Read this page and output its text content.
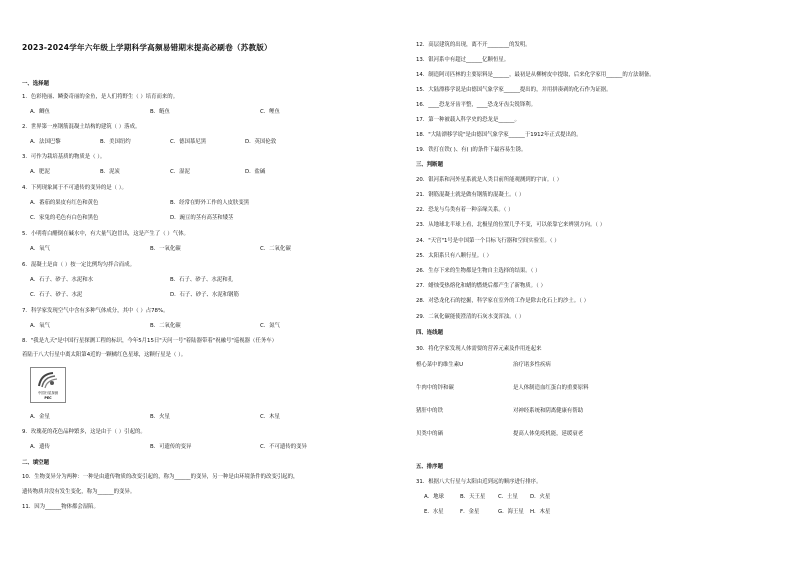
2023-2024学年六年级上学期科学高频易错期末提高必刷卷（苏教版）
一、选择题
1．色彩艳丽、鳞姿奇丽的金鱼，是人们将野生（ ）培育而来的。
A．鲫鱼	B．鲢鱼	C．鲤鱼
2．世界第一座钢筋混凝土结构的建筑（ ）落成。
A．法国巴黎	B．美国纽约	C．德国慕尼黑	D．英国伦敦
3．可作为栽培基质的物质是（ ）。
A．肥泥	B．泥炭	C．湿泥	D．盐碱
4．下列现象属于不可遗传的变异的是（ ）。
A．番茄的果皮有红色和黄色	B．经常在野外工作的人皮肤变黑
C．家兔的毛色有白色和黑色	D．豌豆的茎有高茎和矮茎
5．小明将白醋倒在碱水中，有大量气泡冒出，这是产生了（ ）气体。
A．氧气	B．一氧化碳	C．二氧化碳
6．混凝土是由（ ）按一定比例均匀拌合而成。
A．石子、砂子、水泥和水	B．石子、砂子、水泥和孔
C．石子、砂子、水泥	D．石子、砂子、水泥和钢筋
7．科学家发现空气中含有多种气体成分，其中（ ）占78%。
A．氧气	B．二氧化碳	C．氮气
8．"我是九天"是中国行星探测工程的标识，今年5月15日"天问一号"着陆器带着"祝融号"巡视器（任务车）
着陆于八大行星中离太阳第4近的一颗橘红色星球，这颗行星是（ ）。
中国行星探测
PEC
A．金星	B．火星	C．木星
9．玫瑰花的花色品种繁多，这是由于（ ）引起的。
A．遗传	B．可遗传的变异	C．不可遗传的变异
二、填空题
10．生物变异分为两种：一种是由遗传物质的改变引起的，称为______的变异，另一种是由环境条件的改变引起的，
遗传物质并没有发生变化，称为______的变异。
11．因为______物体都会湿陷。
12．高层建筑的出现，离不开________的发明。
13．银河系中有超过______亿颗恒星。
14．制造阿司匹林的主要原料是______，最初是从柳树皮中提取，后来化学家用______的方法制备。
15．大陆漂移学说是由德国气象学家______提出的，并用拼凑剥的化石作为证据。
16．____恐龙牙齿平整，____恐龙牙齿尖锐锋利。
17．第一种被载入科学史的恐龙是______。
18．"大陆漂移学说"是由德国气象学家______于1912年正式提出的。
19．铁打在铁( )、有( )的条件下最容易生锈。
三、判断题
20．银河系和河外星系就是人类目前所能观测到的宇宙。（ ）
21．钢筋混凝土就是做有钢筋的混凝土。（ ）
22．恐龙与鸟类有着一种亲缘关系。（ ）
23．从地球北半球上看，北极星的位置几乎不变，可以依靠它来辨别方向。（ ）
24．"天宫"1号是中国第一个目标飞行器和空间实验室。（ ）
25．太阳系只有八颗行星。（ ）
26．生存下来的生物都是生物自主选择的结果。（ ）
27．蜡烛受热熔化和蜡的燃烧后都产生了新物质。（ ）
28．对恐龙化石的挖掘，科学家在室外的工作是除去化石上的沙土。（ ）
29．二氧化碳能使澄清的石灰水变浑浊。（ ）
四、连线题
30．将化学家发现人体需要的营养元素及作用连起来
橙心菜中的维生素U	治疗诸多性疾病
牛肉中的锌和碳	是人体制造血红蛋白的重要原料
猪肝中的铁	对神经系统和阴离健康有帮助
贝类中的硒	提高人体免疫机能，延缓衰老
五、排序题
31．根据八大行星与太阳由近到远的顺序进行排序。
A．地球	B．天王星 C．土星 D．火星
E．水星	F．金星	G．海王星 H．木星
